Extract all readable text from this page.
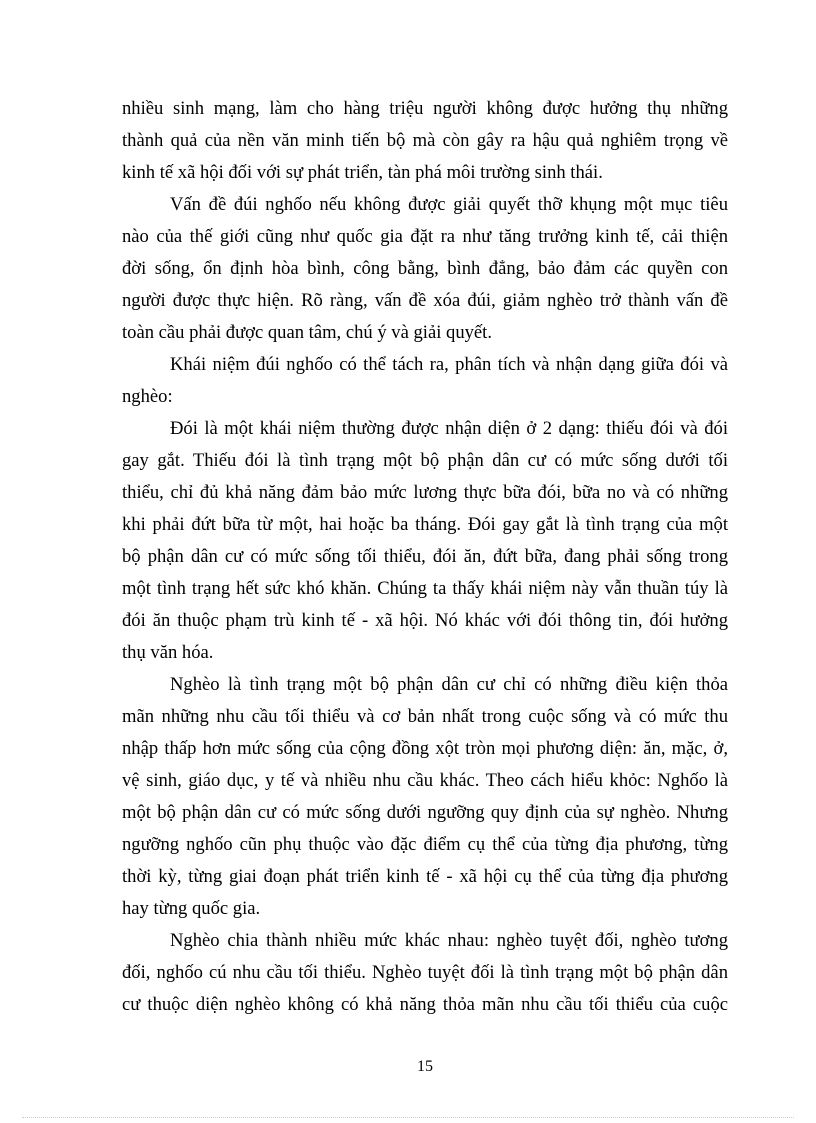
nhiều sinh mạng, làm cho hàng triệu người không được hưởng thụ những
thành quả của nền văn minh tiến bộ mà còn gây ra hậu quả nghiêm trọng về
kinh tế xã hội đối với sự phát triển, tàn phá môi trường sinh thái.
Vấn đề đúi nghốo nếu không được giải quyết thỡ khụng một mục tiêu
nào của thế giới cũng như quốc gia đặt ra như tăng trưởng kinh tế, cải thiện
đời sống, ổn định hòa bình, công bằng, bình đẳng, bảo đảm các quyền con
người được thực hiện. Rõ ràng, vấn đề xóa đúi, giảm nghèo trở thành vấn đề
toàn cầu phải được quan tâm, chú ý và giải quyết.
Khái niệm đúi nghốo có thể tách ra, phân tích và nhận dạng giữa đói và
nghèo:
Đói là một khái niệm thường được nhận diện ở 2 dạng: thiếu đói và đói
gay gắt. Thiếu đói là tình trạng một bộ phận dân cư có mức sống dưới tối
thiểu, chỉ đủ khả năng đảm bảo mức lương thực bữa đói, bữa no và có những
khi phải đứt bữa từ một, hai hoặc ba tháng. Đói gay gắt là tình trạng của một
bộ phận dân cư có mức sống tối thiểu, đói ăn, đứt bữa, đang phải sống trong
một tình trạng hết sức khó khăn. Chúng ta thấy khái niệm này vẫn thuần túy là
đói ăn thuộc phạm trù kinh tế - xã hội. Nó khác với đói thông tin, đói hưởng
thụ văn hóa.
Nghèo là tình trạng một bộ phận dân cư chỉ có những điều kiện thỏa
mãn những nhu cầu tối thiểu và cơ bản nhất trong cuộc sống và có mức thu
nhập thấp hơn mức sống của cộng đồng xột tròn mọi phương diện: ăn, mặc, ở,
vệ sinh, giáo dục, y tế và nhiều nhu cầu khác. Theo cách hiểu khỏc: Nghốo là
một bộ phận dân cư có mức sống dưới ngưỡng quy định của sự nghèo. Nhưng
ngưỡng nghốo cũn phụ thuộc vào đặc điểm cụ thể của từng địa phương, từng
thời kỳ, từng giai đoạn phát triển kinh tế - xã hội cụ thể của từng địa phương
hay từng quốc gia.
Nghèo chia thành nhiều mức khác nhau: nghèo tuyệt đối, nghèo tương
đối, nghốo cú nhu cầu tối thiểu. Nghèo tuyệt đối là tình trạng một bộ phận dân
cư thuộc diện nghèo không có khả năng thỏa mãn nhu cầu tối thiểu của cuộc
15
